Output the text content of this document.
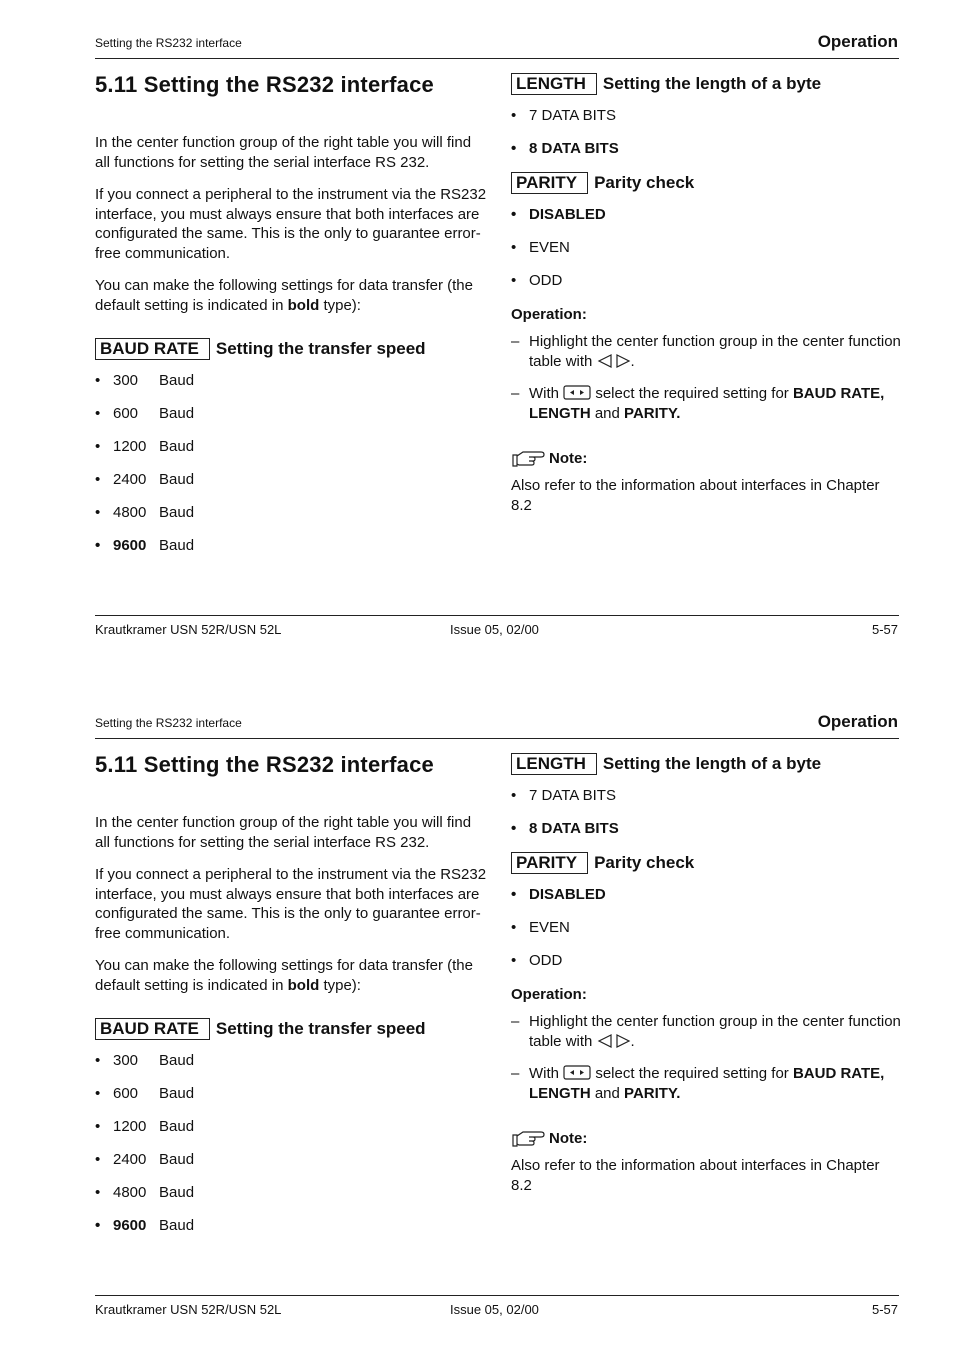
Setting the RS232 interface	Operation
5.11 Setting the RS232 interface

In the center function group of the right table you will find all functions for setting the serial interface RS 232.

If you connect a peripheral to the instrument via the RS232 interface, you must always ensure that both interfaces are configurated the same. This is the only to guarantee error-free communication.

You can make the following settings for data transfer (the default setting is indicated in bold type):

BAUD RATE	Setting the transfer speed
• 300 Baud
• 600 Baud
• 1200 Baud
• 2400 Baud
• 4800 Baud
• 9600 Baud
LENGTH	Setting the length of a byte
• 7 DATA BITS
• 8 DATA BITS
PARITY	Parity check
• DISABLED
• EVEN
• ODD
Operation:
– Highlight the center function group in the center function table with	.
– With  select the required setting for BAUD RATE, LENGTH and PARITY.
Note:

Also refer to the information about interfaces in Chapter 8.2

Krautkramer USN 52R/USN 52L	Issue 05, 02/00	5-57
Setting the RS232 interface	Operation
5.11 Setting the RS232 interface

In the center function group of the right table you will find all functions for setting the serial interface RS 232.

If you connect a peripheral to the instrument via the RS232 interface, you must always ensure that both interfaces are configurated the same. This is the only to guarantee error-free communication.

You can make the following settings for data transfer (the default setting is indicated in bold type):

BAUD RATE	Setting the transfer speed
• 300 Baud
• 600 Baud
• 1200 Baud
• 2400 Baud
• 4800 Baud
• 9600 Baud
LENGTH	Setting the length of a byte
• 7 DATA BITS
• 8 DATA BITS
PARITY	Parity check
• DISABLED
• EVEN
• ODD
Operation:
– Highlight the center function group in the center function table with	.
– With  select the required setting for BAUD RATE, LENGTH and PARITY.
Note:

Also refer to the information about interfaces in Chapter 8.2

Krautkramer USN 52R/USN 52L	Issue 05, 02/00	5-57
